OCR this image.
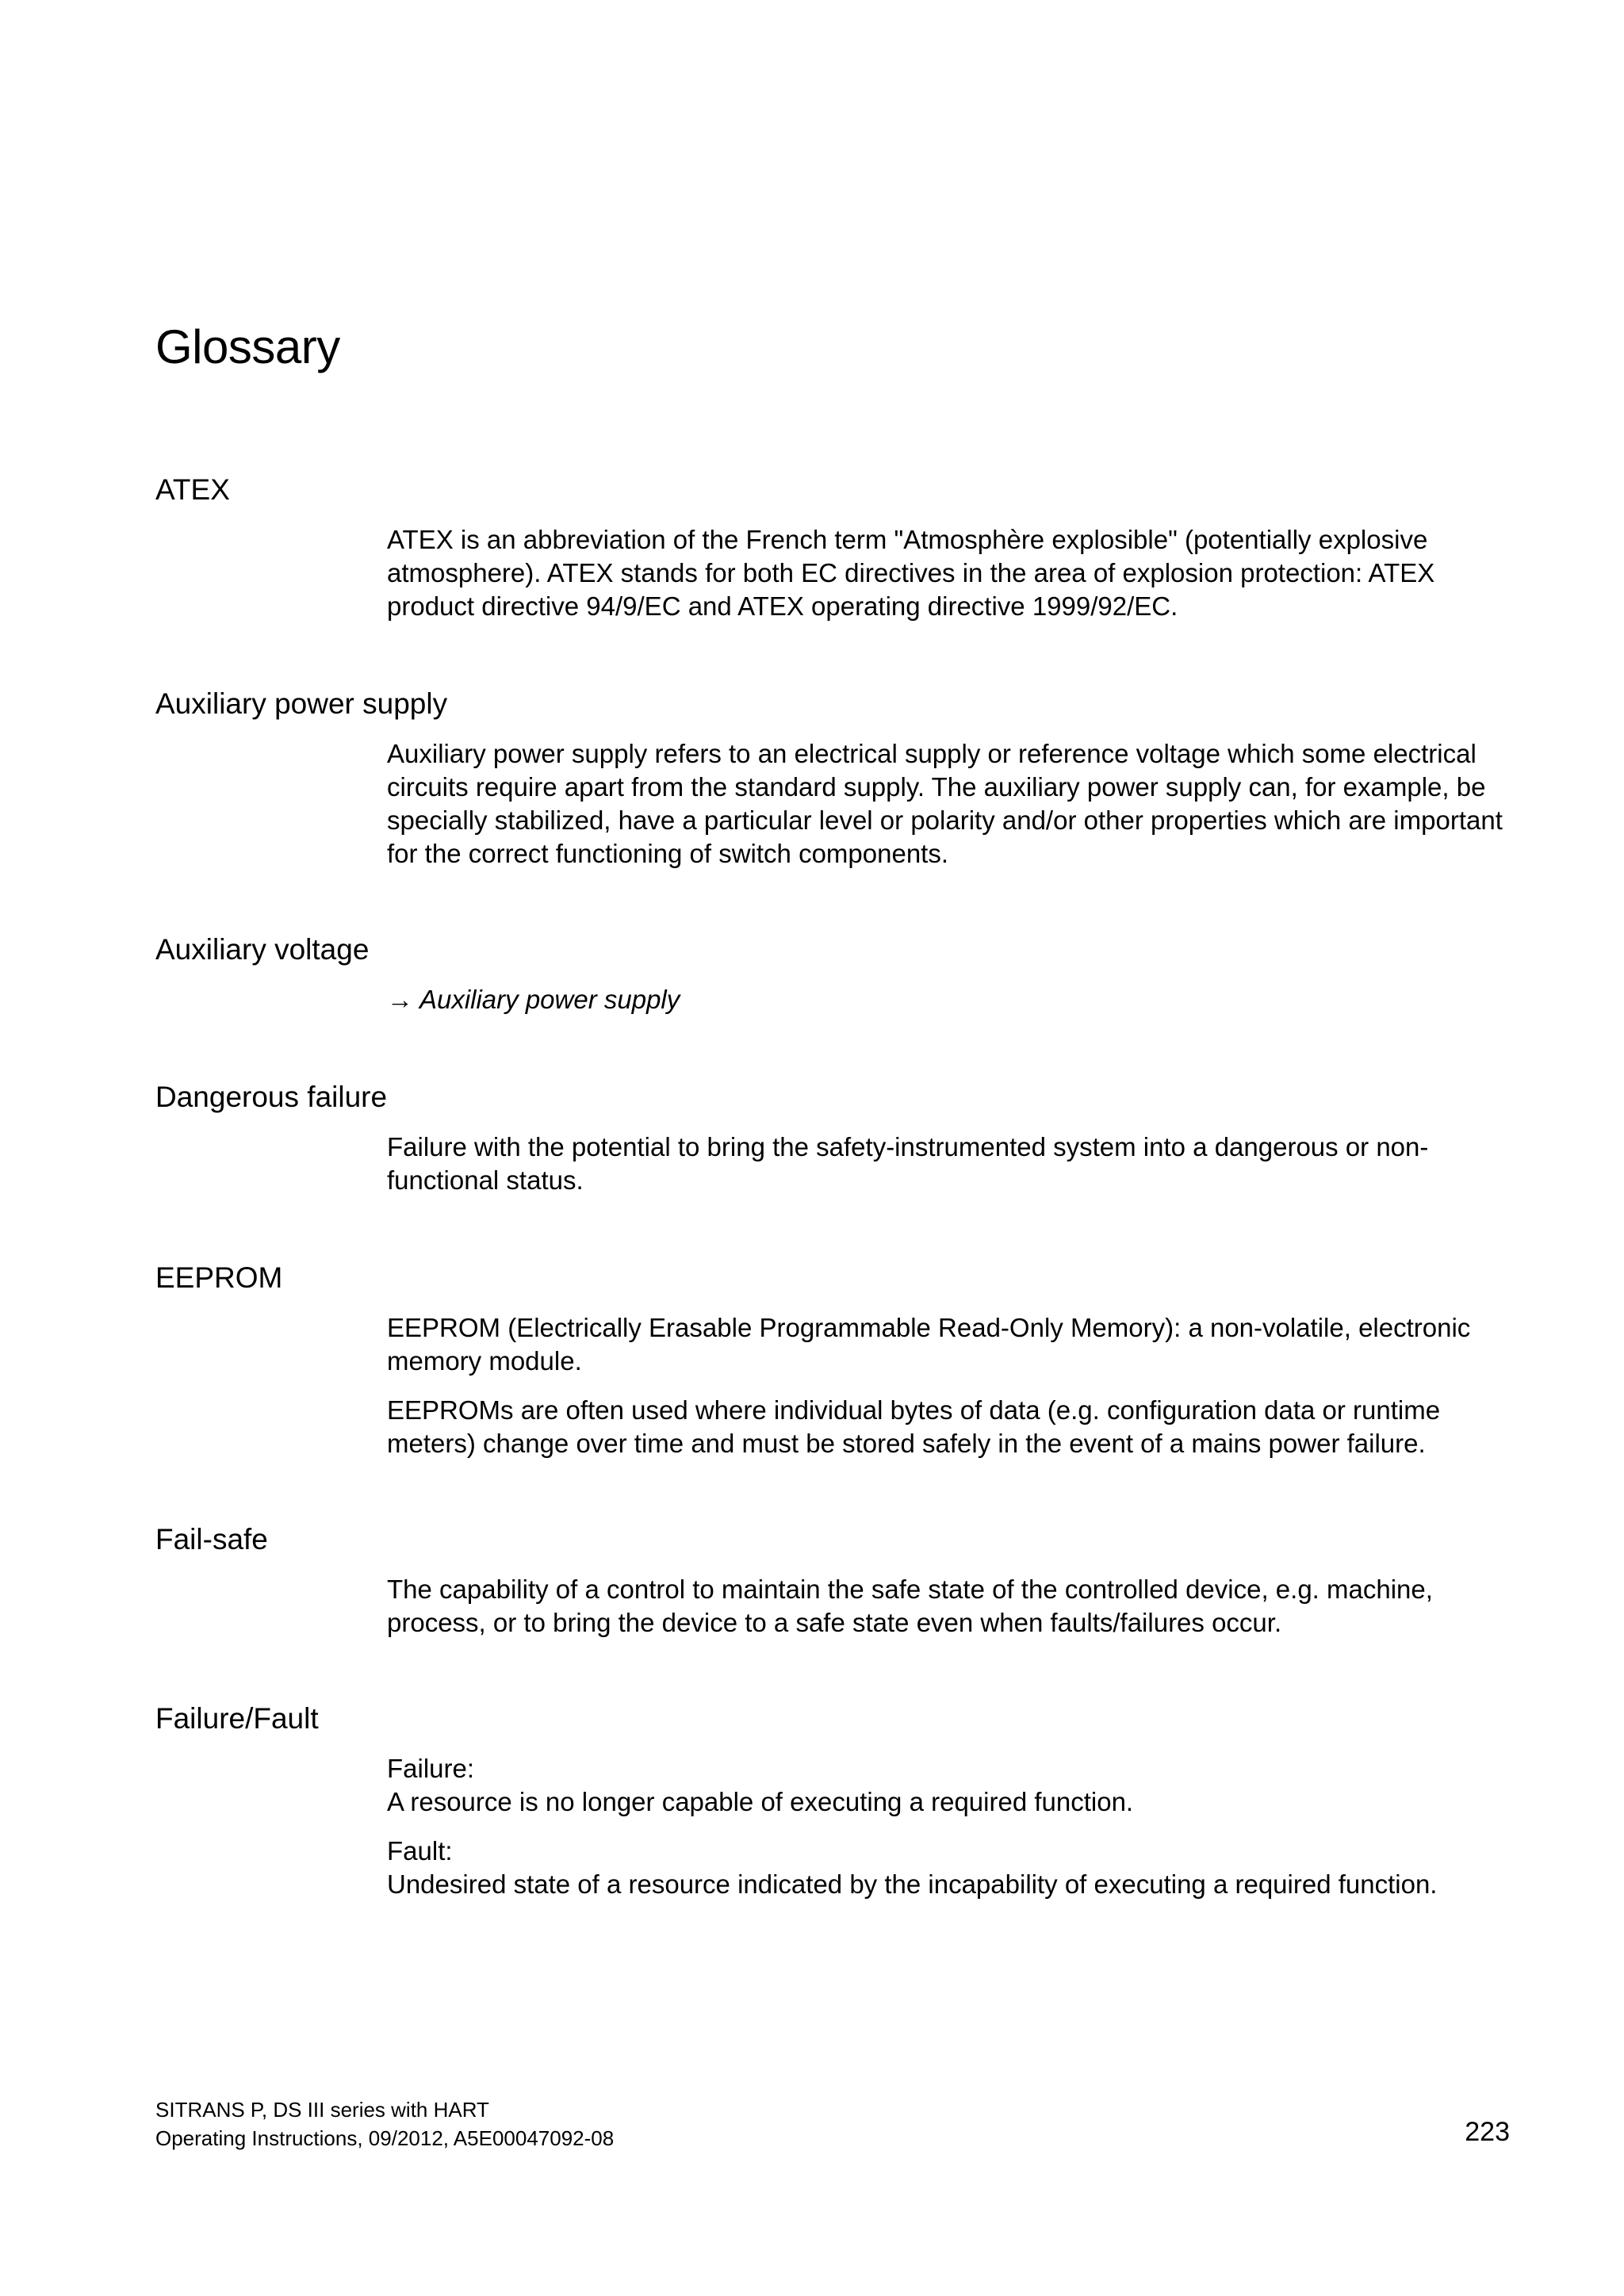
Glossary
ATEX

ATEX is an abbreviation of the French term "Atmosphère explosible" (potentially explosive atmosphere). ATEX stands for both EC directives in the area of explosion protection: ATEX product directive 94/9/EC and ATEX operating directive 1999/92/EC.

Auxiliary power supply

Auxiliary power supply refers to an electrical supply or reference voltage which some electrical circuits require apart from the standard supply. The auxiliary power supply can, for example, be specially stabilized, have a particular level or polarity and/or other properties which are important for the correct functioning of switch components.

Auxiliary voltage

→ Auxiliary power supply

Dangerous failure

Failure with the potential to bring the safety-instrumented system into a dangerous or non-functional status.

EEPROM

EEPROM (Electrically Erasable Programmable Read-Only Memory): a non-volatile, electronic memory module.

EEPROMs are often used where individual bytes of data (e.g. configuration data or runtime meters) change over time and must be stored safely in the event of a mains power failure.

Fail-safe

The capability of a control to maintain the safe state of the controlled device, e.g. machine, process, or to bring the device to a safe state even when faults/failures occur.

Failure/Fault

Failure:
A resource is no longer capable of executing a required function.

Fault:
Undesired state of a resource indicated by the incapability of executing a required function.

SITRANS P, DS III series with HART
Operating Instructions, 09/2012, A5E00047092-08	223
